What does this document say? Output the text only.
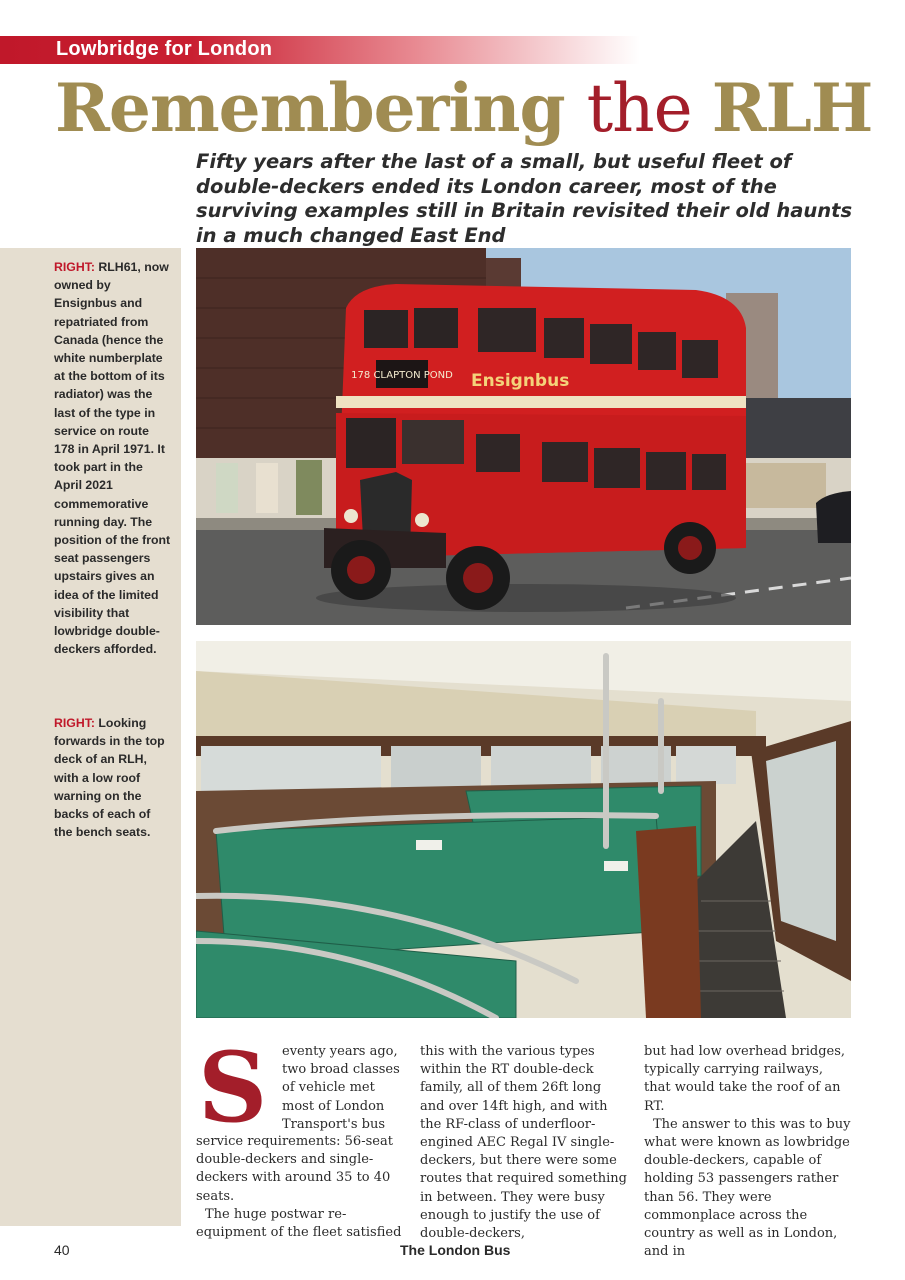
Lowbridge for London
Remembering the RLH
Fifty years after the last of a small, but useful fleet of double-deckers ended its London career, most of the surviving examples still in Britain revisited their old haunts in a much changed East End
RIGHT: RLH61, now owned by Ensignbus and repatriated from Canada (hence the white numberplate at the bottom of its radiator) was the last of the type in service on route 178 in April 1971. It took part in the April 2021 commemorative running day. The position of the front seat passengers upstairs gives an idea of the limited visibility that lowbridge double-deckers afforded.
RIGHT: Looking forwards in the top deck of an RLH, with a low roof warning on the backs of each of the bench seats.
178 CLAPTON POND Ensignbus
S eventy years ago,
two broad classes
of vehicle met
most of London
Transport's bus

service requirements: 56-seat double-deckers and single-deckers with around 35 to 40 seats.

The huge postwar re-equipment of the fleet satisfied

this with the various types within the RT double-deck family, all of them 26ft long and over 14ft high, and with the RF-class of underfloor-engined AEC Regal IV single-deckers, but there were some routes that required something in between. They were busy enough to justify the use of double-deckers,

but had low overhead bridges, typically carrying railways, that would take the roof of an RT.

The answer to this was to buy what were known as lowbridge double-deckers, capable of holding 53 passengers rather than 56. They were commonplace across the country as well as in London, and in

40	The London Bus
